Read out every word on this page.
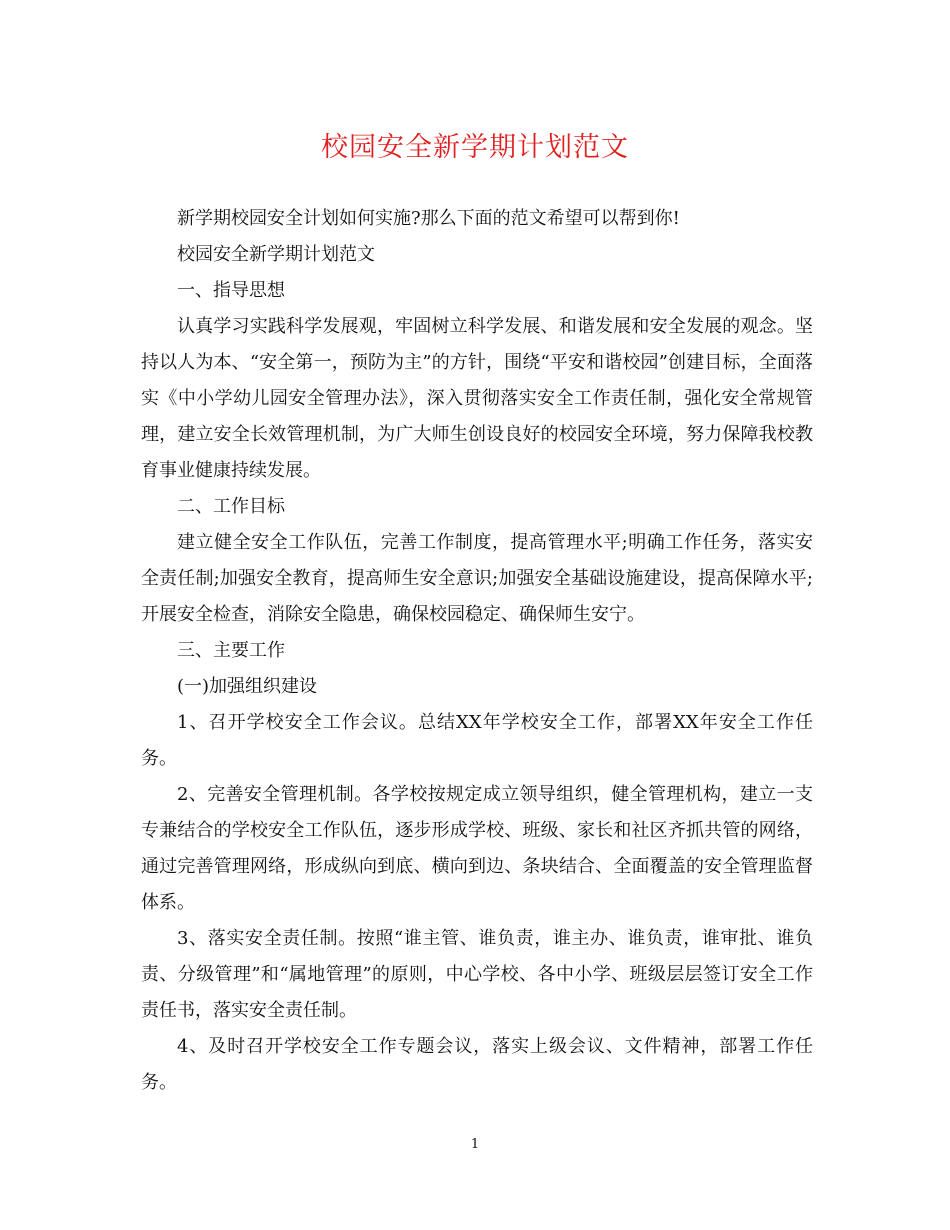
校园安全新学期计划范文

新学期校园安全计划如何实施?那么下面的范文希望可以帮到你!

校园安全新学期计划范文

一、指导思想

认真学习实践科学发展观，牢固树立科学发展、和谐发展和安全发展的观念。坚持以人为本、“安全第一，预防为主”的方针，围绕“平安和谐校园”创建目标，全面落实《中小学幼儿园安全管理办法》，深入贯彻落实安全工作责任制，强化安全常规管理，建立安全长效管理机制，为广大师生创设良好的校园安全环境，努力保障我校教育事业健康持续发展。

二、工作目标

建立健全安全工作队伍，完善工作制度，提高管理水平;明确工作任务，落实安全责任制;加强安全教育，提高师生安全意识;加强安全基础设施建设，提高保障水平;开展安全检查，消除安全隐患，确保校园稳定、确保师生安宁。

三、主要工作

(一)加强组织建设

1、召开学校安全工作会议。总结XX年学校安全工作，部署XX年安全工作任务。

2、完善安全管理机制。各学校按规定成立领导组织，健全管理机构，建立一支专兼结合的学校安全工作队伍，逐步形成学校、班级、家长和社区齐抓共管的网络，通过完善管理网络，形成纵向到底、横向到边、条块结合、全面覆盖的安全管理监督体系。

3、落实安全责任制。按照“谁主管、谁负责，谁主办、谁负责，谁审批、谁负责、分级管理”和“属地管理”的原则，中心学校、各中小学、班级层层签订安全工作责任书，落实安全责任制。

4、及时召开学校安全工作专题会议，落实上级会议、文件精神，部署工作任务。

1
